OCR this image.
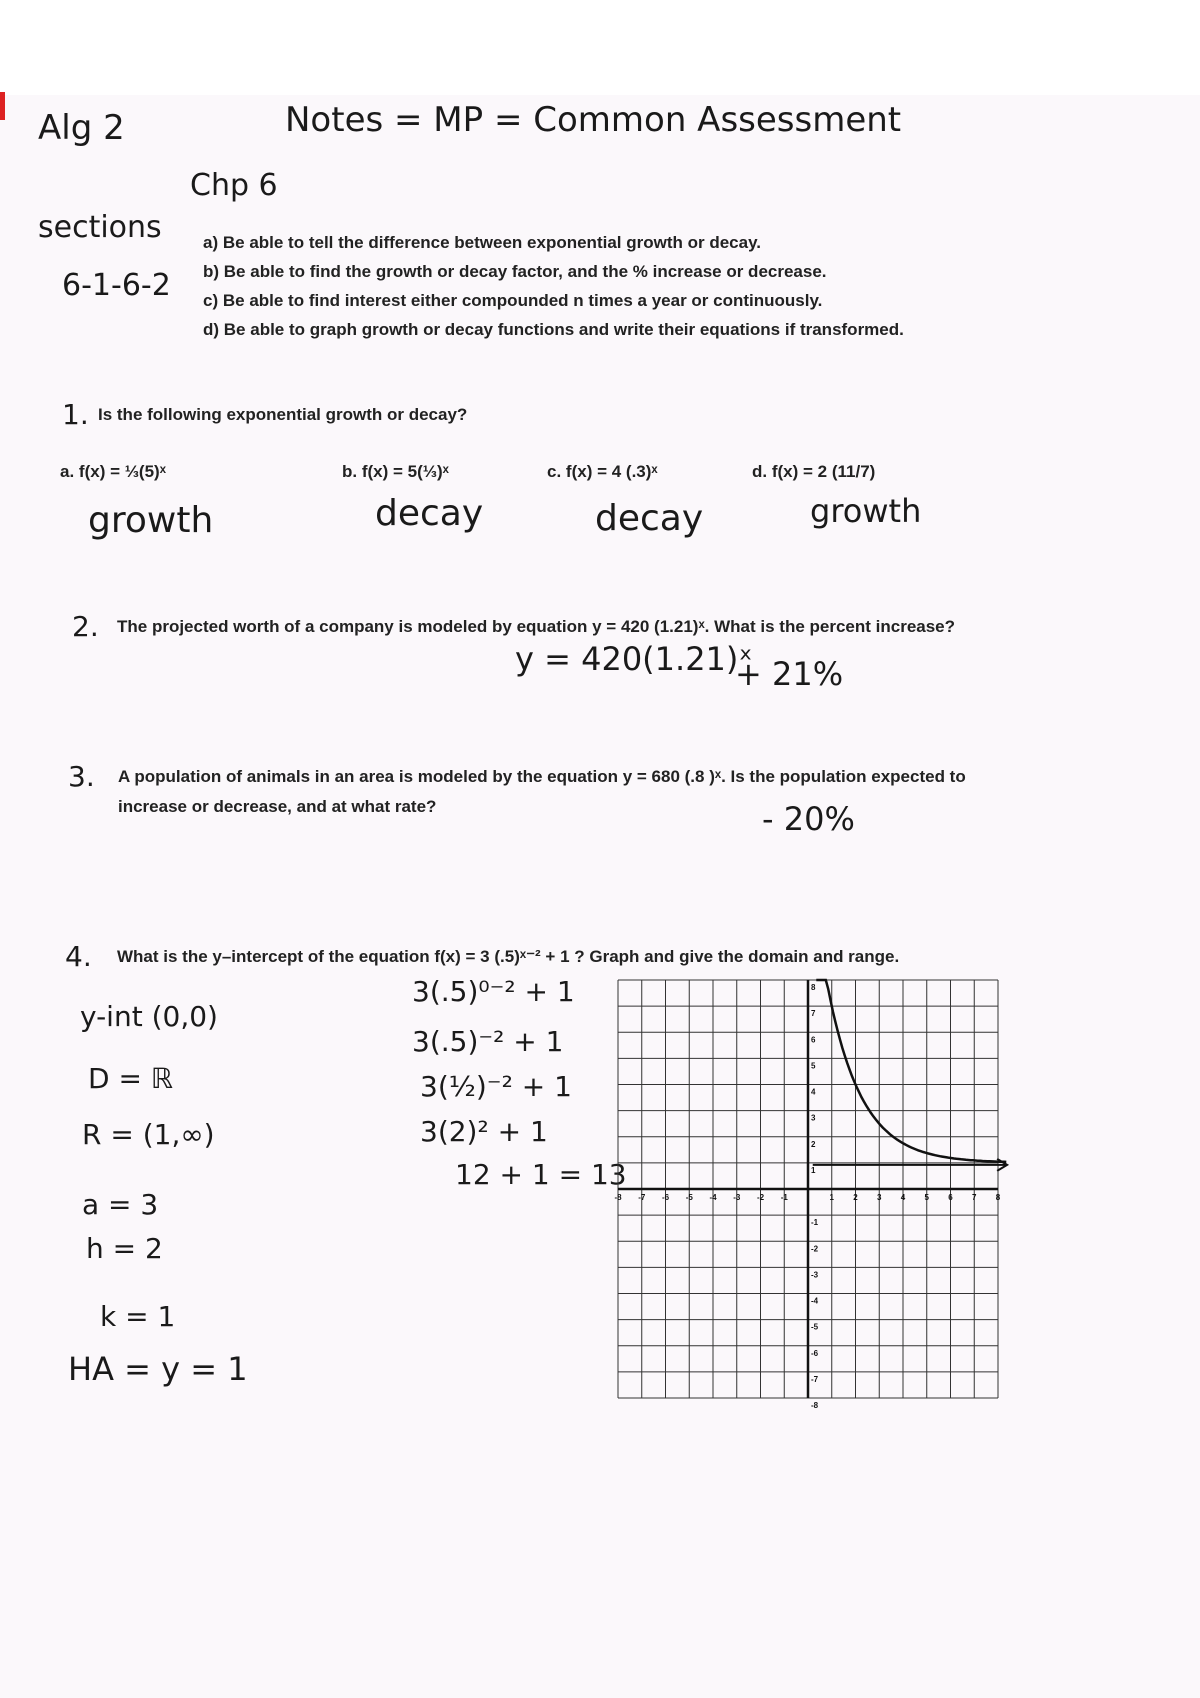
Alg 2	Notes = MP = Common Assessment
Chp 6
sections
6-1-6-2
a) Be able to tell the difference between exponential growth or decay.
b) Be able to find the growth or decay factor, and the % increase or decrease.
c) Be able to find interest either compounded n times a year or continuously.
d) Be able to graph growth or decay functions and write their equations if transformed.
1. Is the following exponential growth or decay?
a. f(x) = ⅓(5)ˣ	b. f(x) = 5(⅓)ˣ	c. f(x) = 4 (.3)ˣ	d. f(x) = 2 (11/7)
growth	decay	decay	growth
2. The projected worth of a company is modeled by equation y = 420 (1.21)ˣ. What is the percent increase?
y = 420(1.21)ˣ
+ 21%
3. A population of animals in an area is modeled by the equation y = 680 (.8 )ˣ. Is the population expected to
increase or decrease, and at what rate?	- 20%
4. What is the y–intercept of the equation f(x) = 3 (.5)ˣ⁻² + 1 ? Graph and give the domain and range.
y-int (0,0)
D = ℝ
R = (1,∞)
a = 3
h = 2
k = 1
HA = y = 1
3(.5)⁰⁻² + 1
3(.5)⁻² + 1
3(½)⁻² + 1
3(2)² + 1
12 + 1 = 13
-8 -7 -6 -5 -4 -3 -2 -1	1 2 3 4 5 6 7 8
8
7
6
5
4
3
2
1
-1
-2
-3
-4
-5
-6
-7
-8
